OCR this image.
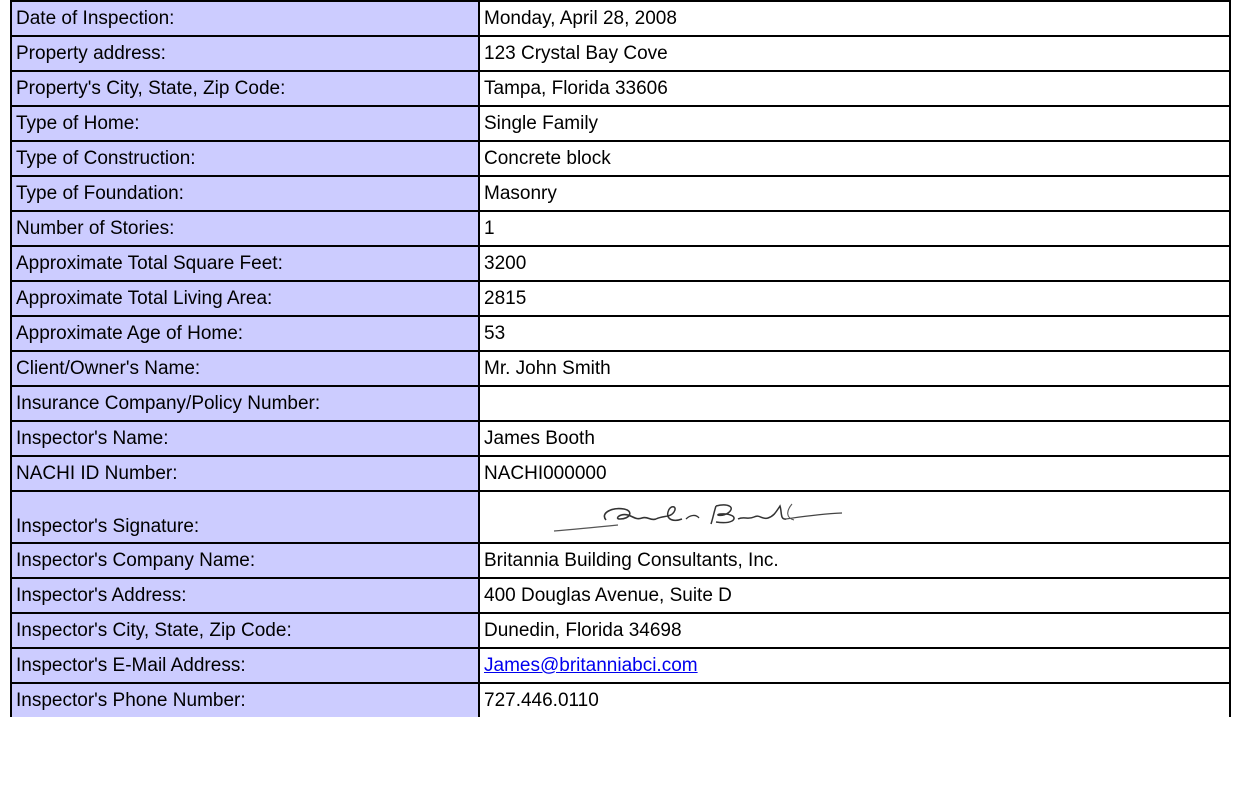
Date of Inspection:	Monday, April 28, 2008
Property address:	123 Crystal Bay Cove
Property's City, State, Zip Code:	Tampa, Florida 33606
Type of Home:	Single Family
Type of Construction:	Concrete block
Type of Foundation:	Masonry
Number of Stories:	1
Approximate Total Square Feet:	3200
Approximate Total Living Area:	2815
Approximate Age of Home:	53
Client/Owner's Name:	Mr. John Smith
Insurance Company/Policy Number:	
Inspector's Name:	James Booth
NACHI ID Number:	NACHI000000
Inspector's Signature:	

Inspector's Company Name:	Britannia Building Consultants, Inc.
Inspector's Address:	400 Douglas Avenue, Suite D
Inspector's City, State, Zip Code:	Dunedin, Florida 34698
Inspector's E-Mail Address:	James@britanniabci.com
Inspector's Phone Number:	727.446.0110
